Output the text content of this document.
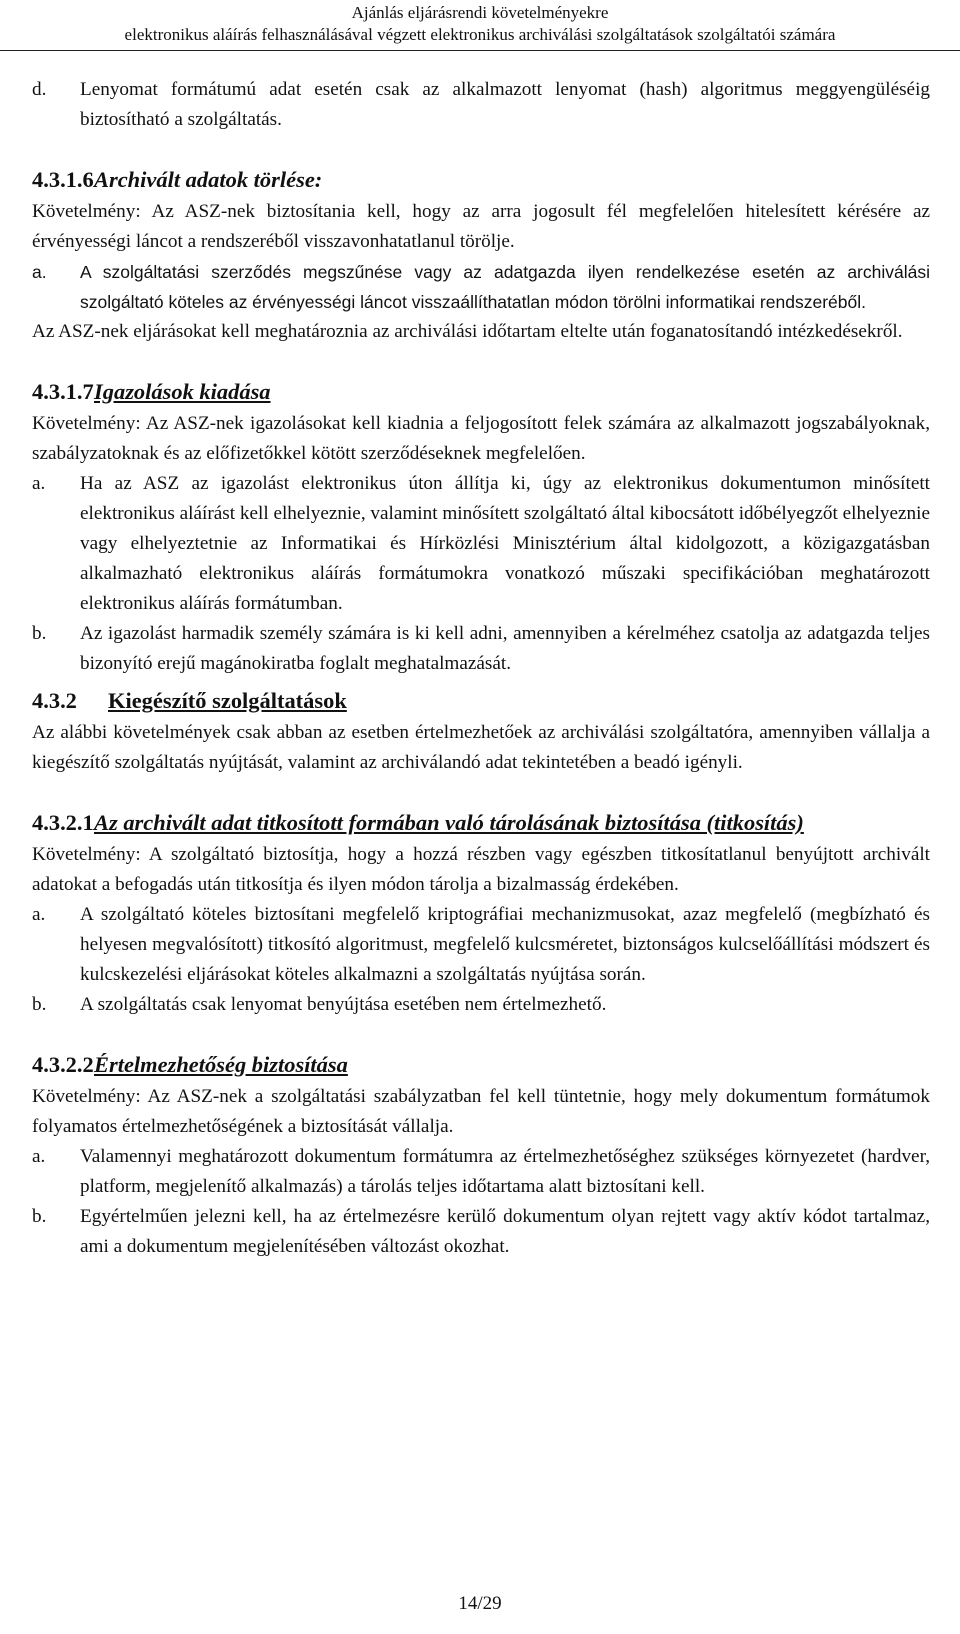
Ajánlás eljárásrendi követelményekre
elektronikus aláírás felhasználásával végzett elektronikus archiválási szolgáltatások szolgáltatói számára
d. Lenyomat formátumú adat esetén csak az alkalmazott lenyomat (hash) algoritmus meggyengüléséig biztosítható a szolgáltatás.
4.3.1.6Archivált adatok törlése:

Követelmény: Az ASZ-nek biztosítania kell, hogy az arra jogosult fél megfelelően hitelesített kérésére az érvényességi láncot a rendszeréből visszavonhatatlanul törölje.

a. A szolgáltatási szerződés megszűnése vagy az adatgazda ilyen rendelkezése esetén az archiválási szolgáltató köteles az érvényességi láncot visszaállíthatatlan módon törölni informatikai rendszeréből.

Az ASZ-nek eljárásokat kell meghatároznia az archiválási időtartam eltelte után foganatosítandó intézkedésekről.

4.3.1.7Igazolások kiadása

Követelmény: Az ASZ-nek igazolásokat kell kiadnia a feljogosított felek számára az alkalmazott jogszabályoknak, szabályzatoknak és az előfizetőkkel kötött szerződéseknek megfelelően.

a. Ha az ASZ az igazolást elektronikus úton állítja ki, úgy az elektronikus dokumentumon minősített elektronikus aláírást kell elhelyeznie, valamint minősített szolgáltató által kibocsátott időbélyegzőt elhelyeznie vagy elhelyeztetnie az Informatikai és Hírközlési Minisztérium által kidolgozott, a közigazgatásban alkalmazható elektronikus aláírás formátumokra vonatkozó műszaki specifikációban meghatározott elektronikus aláírás formátumban.
b. Az igazolást harmadik személy számára is ki kell adni, amennyiben a kérelméhez csatolja az adatgazda teljes bizonyító erejű magánokiratba foglalt meghatalmazását.
4.3.2 Kiegészítő szolgáltatások

Az alábbi követelmények csak abban az esetben értelmezhetőek az archiválási szolgáltatóra, amennyiben vállalja a kiegészítő szolgáltatás nyújtását, valamint az archiválandó adat tekintetében a beadó igényli.

4.3.2.1Az archivált adat titkosított formában való tárolásának biztosítása (titkosítás)

Követelmény: A szolgáltató biztosítja, hogy a hozzá részben vagy egészben titkosítatlanul benyújtott archivált adatokat a befogadás után titkosítja és ilyen módon tárolja a bizalmasság érdekében.

a. A szolgáltató köteles biztosítani megfelelő kriptográfiai mechanizmusokat, azaz megfelelő (megbízható és helyesen megvalósított) titkosító algoritmust, megfelelő kulcsméretet, biztonságos kulcselőállítási módszert és kulcskezelési eljárásokat köteles alkalmazni a szolgáltatás nyújtása során.
b. A szolgáltatás csak lenyomat benyújtása esetében nem értelmezhető.
4.3.2.2Értelmezhetőség biztosítása

Követelmény: Az ASZ-nek a szolgáltatási szabályzatban fel kell tüntetnie, hogy mely dokumentum formátumok folyamatos értelmezhetőségének a biztosítását vállalja.

a. Valamennyi meghatározott dokumentum formátumra az értelmezhetőséghez szükséges környezetet (hardver, platform, megjelenítő alkalmazás) a tárolás teljes időtartama alatt biztosítani kell.
b. Egyértelműen jelezni kell, ha az értelmezésre kerülő dokumentum olyan rejtett vagy aktív kódot tartalmaz, ami a dokumentum megjelenítésében változást okozhat.
14/29
